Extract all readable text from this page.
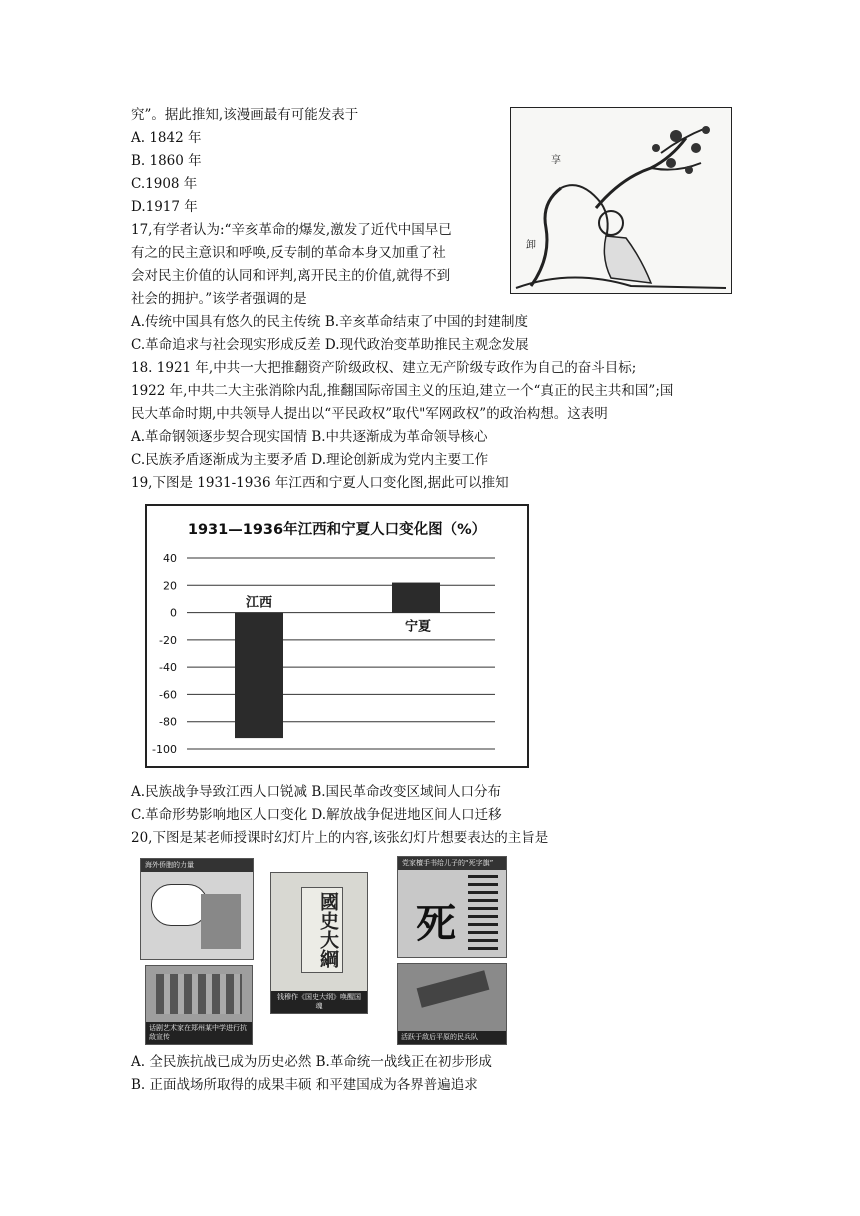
究”。据此推知,该漫画最有可能发表于
A. 1842 年
B. 1860 年
C.1908 年
D.1917 年
17,有学者认为:“辛亥革命的爆发,激发了近代中国早已
有之的民主意识和呼唤,反专制的革命本身又加重了社
会对民主价值的认同和评判,离开民主的价值,就得不到
社会的拥护。”该学者强调的是
A.传统中国具有悠久的民主传统 B.辛亥革命结束了中国的封建制度
C.革命追求与社会现实形成反差 D.现代政治变革助推民主观念发展
18. 1921 年,中共一大把推翻资产阶级政权、建立无产阶级专政作为自己的奋斗目标;
1922 年,中共二大主张消除内乱,推翻国际帝国主义的压迫,建立一个“真正的民主共和国”;国
民大革命时期,中共领导人提出以“平民政权”取代"军网政权”的政治构想。这表明
A.革命钢领逐步契合现实国情 B.中共逐渐成为革命领导核心
C.民族矛盾逐渐成为主要矛盾 D.理论创新成为党内主要工作
19,下图是 1931-1936 年江西和宁夏人口变化图,据此可以推知
A.民族战争导致江西人口锐减 B.国民革命改变区域间人口分布
C.革命形势影响地区人口变化 D.解放战争促进地区间人口迁移
20,下图是某老师授课时幻灯片上的内容,该张幻灯片想要表达的主旨是
A. 全民族抗战已成为历史必然 B.革命统一战线正在初步形成
B. 正面战场所取得的成果丰硕 和平建国成为各界普遍追求
卸
享
1931—1936年江西和宁夏人口变化图（%）
40
20
0
-20
-40
-60
-80
-100
江西
宁夏
海外侨胞的力量
國史大綱
钱穆作《国史大纲》唤醒国魂
党家檀手书给儿子的“死字旗”
死
话剧艺术家在郑州某中学进行抗敌宣传	活跃于敌后平原的民兵队
